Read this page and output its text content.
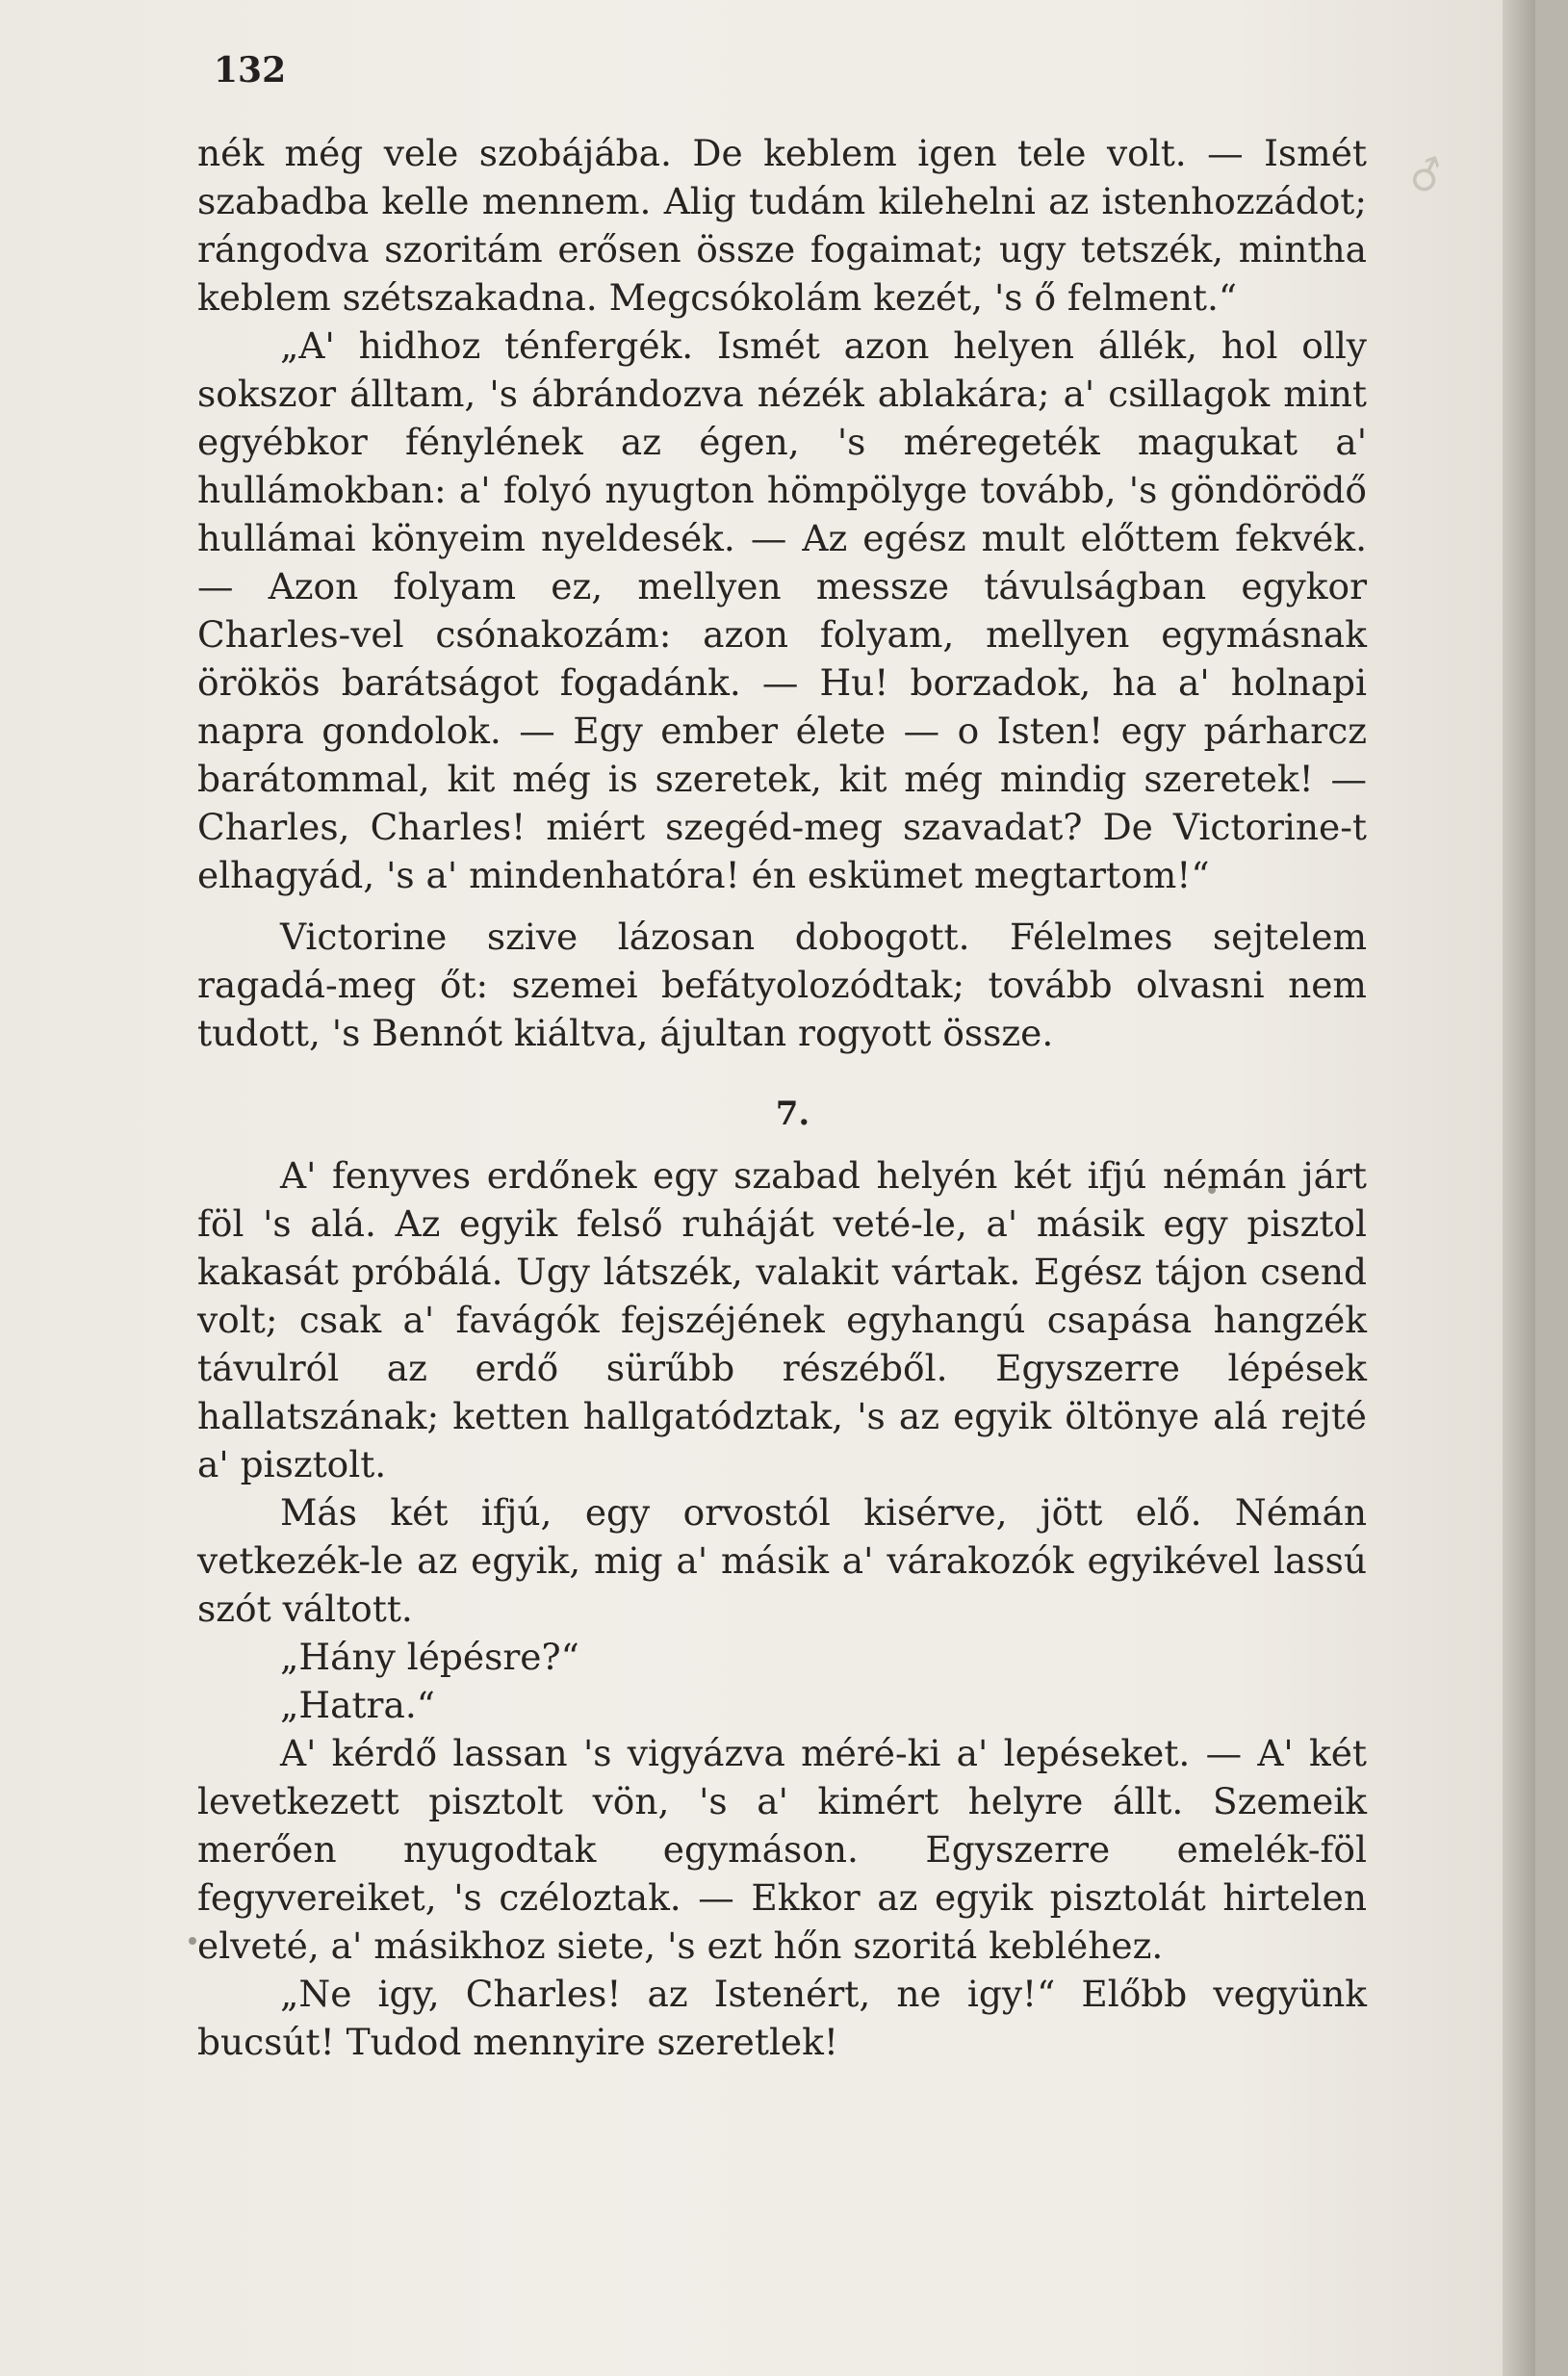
♂
132

nék még vele szobájába. De keblem igen tele volt. — Ismét szabadba kelle mennem. Alig tudám kilehelni az istenhozzádot; rángodva szoritám erősen össze fogaimat; ugy tetszék, mintha keblem szétszakadna. Megcsókolám kezét, 's ő felment.“

„A' hidhoz ténfergék. Ismét azon helyen állék, hol olly sokszor álltam, 's ábrándozva nézék ablakára; a' csillagok mint egyébkor fénylének az égen, 's méregeték magukat a' hullámokban: a' folyó nyugton hömpölyge tovább, 's göndörödő hullámai könyeim nyeldesék. — Az egész mult előttem fekvék. — Azon folyam ez, mellyen messze távulságban egykor Charles-vel csónakozám: azon folyam, mellyen egymásnak örökös barátságot fogadánk. — Hu! borzadok, ha a' holnapi napra gondolok. — Egy ember élete — o Isten! egy párharcz barátommal, kit még is szeretek, kit még mindig szeretek! — Charles, Charles! miért szegéd-meg szavadat? De Victorine-t elhagyád, 's a' mindenhatóra! én eskümet megtartom!“

Victorine szive lázosan dobogott. Félelmes sejtelem ragadá-meg őt: szemei befátyolozódtak; tovább olvasni nem tudott, 's Bennót kiáltva, ájultan rogyott össze.

7.

A' fenyves erdőnek egy szabad helyén két ifjú némán járt föl 's alá. Az egyik felső ruháját veté-le, a' másik egy pisztol kakasát próbálá. Ugy látszék, valakit vártak. Egész tájon csend volt; csak a' favágók fejszéjének egyhangú csapása hangzék távulról az erdő sürűbb részéből. Egyszerre lépések hallatszának; ketten hallgatództak, 's az egyik öltönye alá rejté a' pisztolt.

Más két ifjú, egy orvostól kisérve, jött elő. Némán vetkezék-le az egyik, mig a' másik a' várakozók egyikével lassú szót váltott.

„Hány lépésre?“

„Hatra.“

A' kérdő lassan 's vigyázva méré-ki a' lepéseket. — A' két levetkezett pisztolt vön, 's a' kimért helyre állt. Szemeik merően nyugodtak egymáson. Egyszerre emelék-föl fegyvereiket, 's czéloztak. — Ekkor az egyik pisztolát hirtelen elveté, a' másikhoz siete, 's ezt hőn szoritá kebléhez.

„Ne igy, Charles! az Istenért, ne igy!“ Előbb vegyünk bucsút! Tudod mennyire szeretlek!
